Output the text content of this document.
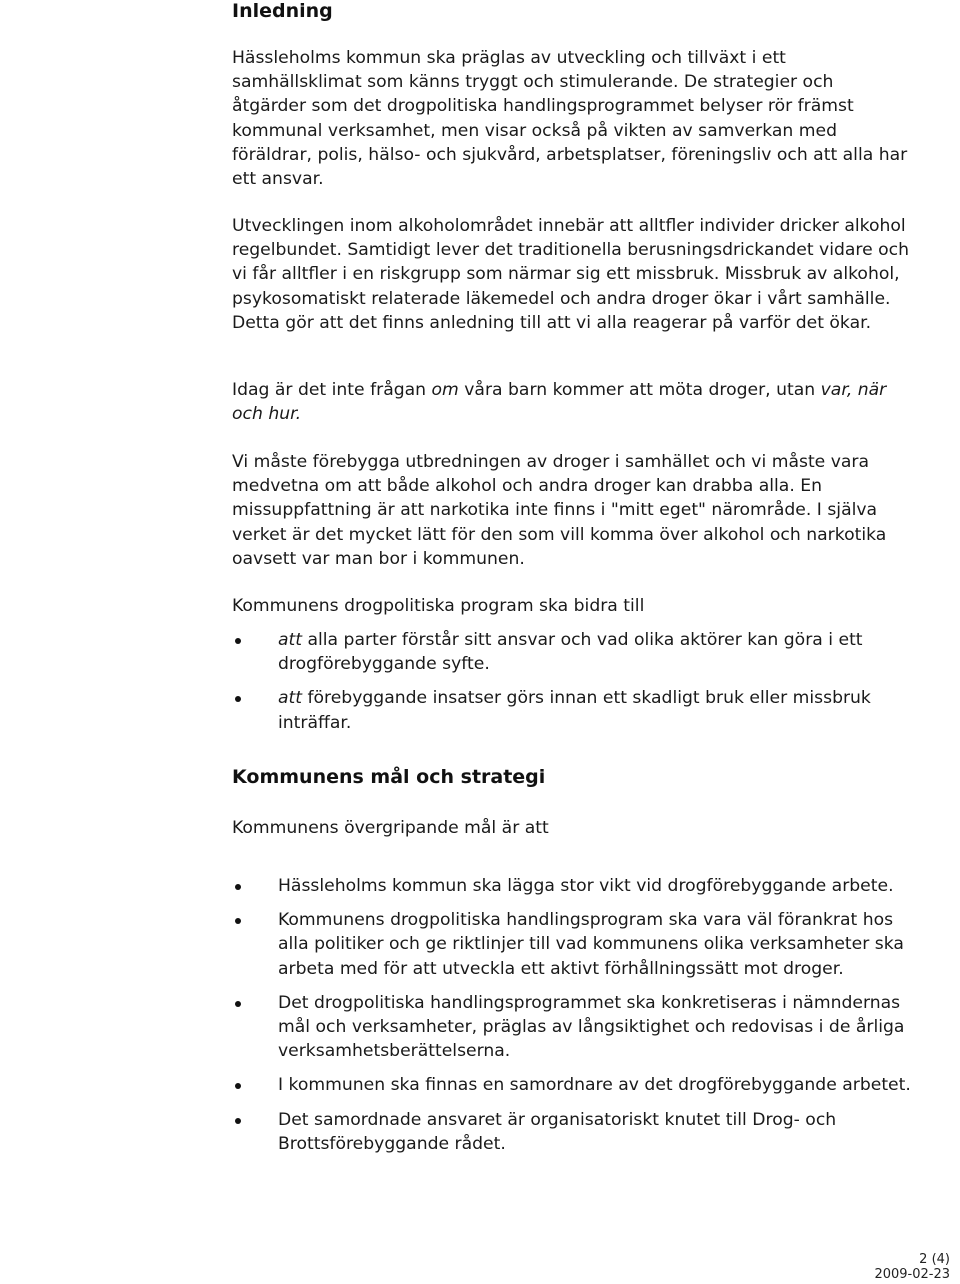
Inledning

Hässleholms kommun ska präglas av utveckling och tillväxt i ett samhällsklimat som känns tryggt och stimulerande. De strategier och åtgärder som det drogpolitiska handlingsprogrammet belyser rör främst kommunal verksamhet, men visar också på vikten av samverkan med föräldrar, polis, hälso- och sjukvård, arbetsplatser, föreningsliv och att alla har ett ansvar.

Utvecklingen inom alkoholområdet innebär att alltfler individer dricker alkohol regelbundet. Samtidigt lever det traditionella berusningsdrickandet vidare och vi får alltfler i en riskgrupp som närmar sig ett missbruk. Missbruk av alkohol, psykosomatiskt relaterade läkemedel och andra droger ökar i vårt samhälle. Detta gör att det finns anledning till att vi alla reagerar på varför det ökar.

Idag är det inte frågan om våra barn kommer att möta droger, utan var, när och hur.

Vi måste förebygga utbredningen av droger i samhället och vi måste vara medvetna om att både alkohol och andra droger kan drabba alla. En missuppfattning är att narkotika inte finns i "mitt eget" närområde. I själva verket är det mycket lätt för den som vill komma över alkohol och narkotika oavsett var man bor i kommunen.

Kommunens drogpolitiska program ska bidra till

att alla parter förstår sitt ansvar och vad olika aktörer kan göra i ett drogförebyggande syfte.
att förebyggande insatser görs innan ett skadligt bruk eller missbruk inträffar.
Kommunens mål och strategi

Kommunens övergripande mål är att

Hässleholms kommun ska lägga stor vikt vid drogförebyggande arbete.
Kommunens drogpolitiska handlingsprogram ska vara väl förankrat hos alla politiker och ge riktlinjer till vad kommunens olika verksamheter ska arbeta med för att utveckla ett aktivt förhållningssätt mot droger.
Det drogpolitiska handlingsprogrammet ska konkretiseras i nämndernas mål och verksamheter, präglas av långsiktighet och redovisas i de årliga verksamhetsberättelserna.
I kommunen ska finnas en samordnare av det drogförebyggande arbetet.
Det samordnade ansvaret är organisatoriskt knutet till Drog- och Brottsförebyggande rådet.
2 (4)
2009-02-23
